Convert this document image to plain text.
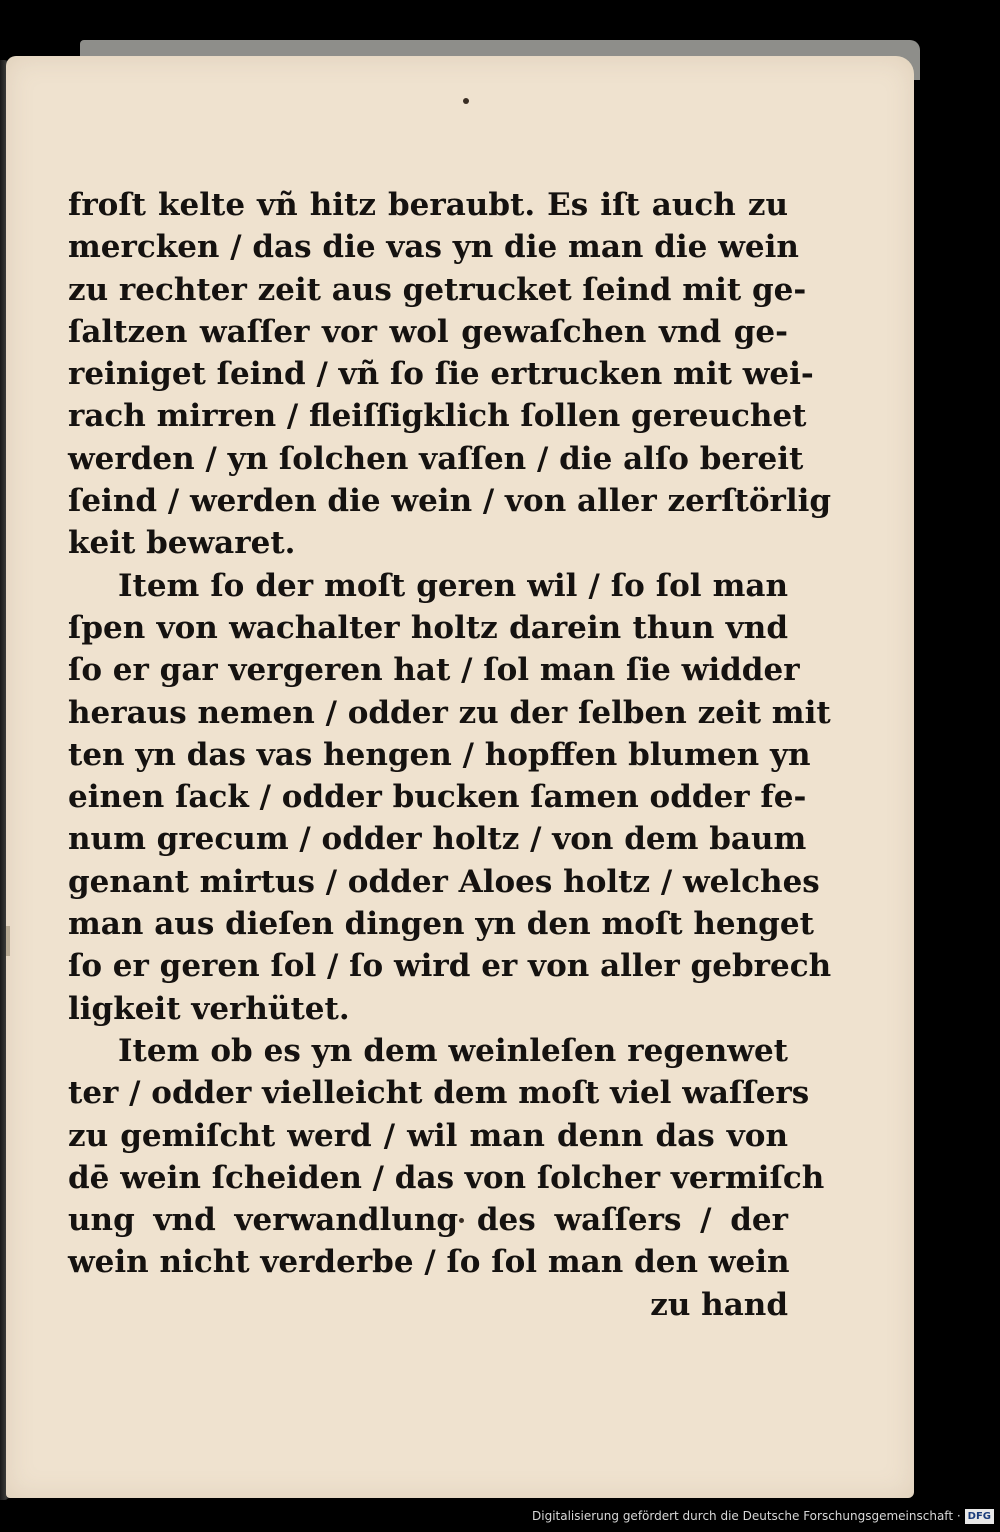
froſt kelte vñ hitz beraubt. Es iſt auch zu
mercken / das die vas yn die man die wein
zu rechter zeit aus getrucket ſeind mit ge-
ſaltzen waſſer vor wol gewaſchen vnd ge-
reiniget ſeind / vñ ſo ſie ertrucken mit wei-
rach mirren / fleiſſigklich ſollen gereuchet
werden / yn ſolchen vaſſen / die alſo bereit
ſeind / werden die wein / von aller zerſtörlig
keit bewaret.
Item ſo der moſt geren wil / ſo ſol man
ſpen von wachalter holtz darein thun vnd
ſo er gar vergeren hat / ſol man ſie widder
heraus nemen / odder zu der ſelben zeit mit
ten yn das vas hengen / hopffen blumen yn
einen ſack / odder bucken ſamen odder fe-
num grecum / odder holtz / von dem baum
genant mirtus / odder Aloes holtz / welches
man aus dieſen dingen yn den moſt henget
ſo er geren ſol / ſo wird er von aller gebrech
ligkeit verhütet.
Item ob es yn dem weinleſen regenwet
ter / odder vielleicht dem moſt viel waſſers
zu gemiſcht werd / wil man denn das von
dē wein ſcheiden / das von ſolcher vermiſch
ung vnd verwandlung des waſſers / der
wein nicht verderbe / ſo ſol man den wein
zu hand
Digitalisierung gefördert durch die Deutsche Forschungsgemeinschaft · DFG
